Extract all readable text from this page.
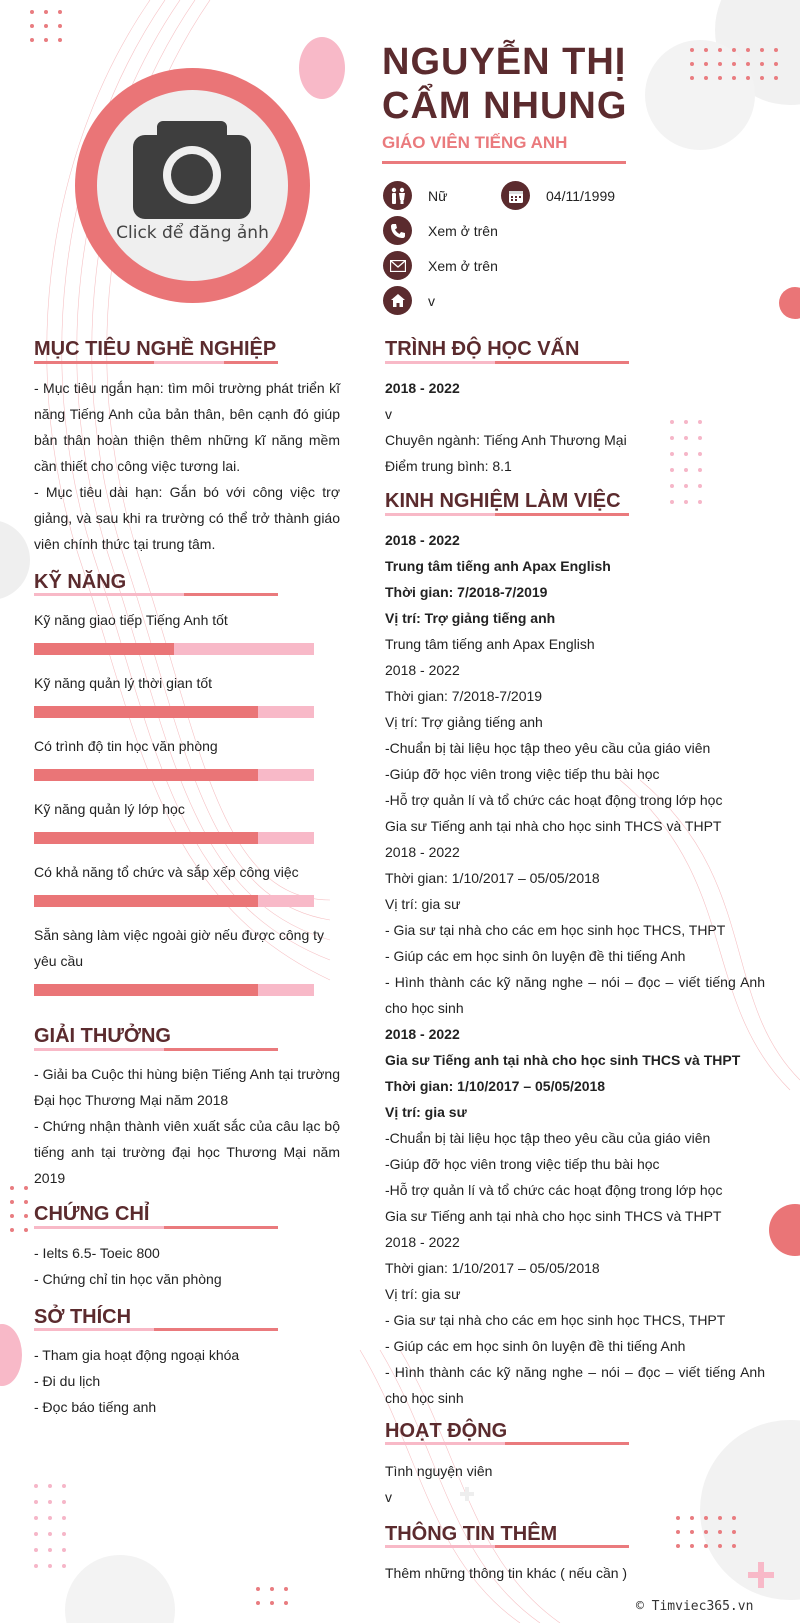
Click để đăng ảnh
NGUYỄN THỊ CẨM NHUNG
GIÁO VIÊN TIẾNG ANH
Nữ	04/11/1999
Xem ở trên
Xem ở trên
v
MỤC TIÊU NGHỀ NGHIỆP

- Mục tiêu ngắn hạn: tìm môi trường phát triển kĩ năng Tiếng Anh của bản thân, bên cạnh đó giúp bản thân hoàn thiện thêm những kĩ năng mềm cần thiết cho công việc tương lai.

- Mục tiêu dài hạn: Gắn bó với công việc trợ giảng, và sau khi ra trường có thể trở thành giáo viên chính thức tại trung tâm.

KỸ NĂNG
Kỹ năng giao tiếp Tiếng Anh tốt
Kỹ năng quản lý thời gian tốt
Có trình độ tin học văn phòng
Kỹ năng quản lý lớp học
Có khả năng tổ chức và sắp xếp công việc
Sẵn sàng làm việc ngoài giờ nếu được công ty yêu cầu
GIẢI THƯỞNG

- Giải ba Cuộc thi hùng biện Tiếng Anh tại trường Đại học Thương Mại năm 2018

- Chứng nhận thành viên xuất sắc của câu lạc bộ tiếng anh tại trường đại học Thương Mại năm 2019

CHỨNG CHỈ

- Ielts 6.5- Toeic 800

- Chứng chỉ tin học văn phòng

SỞ THÍCH

- Tham gia hoạt động ngoại khóa

- Đi du lịch

- Đọc báo tiếng anh

TRÌNH ĐỘ HỌC VẤN

2018 - 2022

v

Chuyên ngành: Tiếng Anh Thương Mại

Điểm trung bình: 8.1

KINH NGHIỆM LÀM VIỆC

2018 - 2022

Trung tâm tiếng anh Apax English

Thời gian: 7/2018-7/2019

Vị trí: Trợ giảng tiếng anh

Trung tâm tiếng anh Apax English

2018 - 2022

Thời gian: 7/2018-7/2019

Vị trí: Trợ giảng tiếng anh

-Chuẩn bị tài liệu học tập theo yêu cầu của giáo viên

-Giúp đỡ học viên trong việc tiếp thu bài học

-Hỗ trợ quản lí và tổ chức các hoạt động trong lớp học

Gia sư Tiếng anh tại nhà cho học sinh THCS và THPT

2018 - 2022

Thời gian: 1/10/2017 – 05/05/2018

Vị trí: gia sư

- Gia sư tại nhà cho các em học sinh học THCS, THPT

- Giúp các em học sinh ôn luyện đề thi tiếng Anh

- Hình thành các kỹ năng nghe – nói – đọc – viết tiếng Anh cho học sinh

2018 - 2022

Gia sư Tiếng anh tại nhà cho học sinh THCS và THPT

Thời gian: 1/10/2017 – 05/05/2018

Vị trí: gia sư

-Chuẩn bị tài liệu học tập theo yêu cầu của giáo viên

-Giúp đỡ học viên trong việc tiếp thu bài học

-Hỗ trợ quản lí và tổ chức các hoạt động trong lớp học

Gia sư Tiếng anh tại nhà cho học sinh THCS và THPT

2018 - 2022

Thời gian: 1/10/2017 – 05/05/2018

Vị trí: gia sư

- Gia sư tại nhà cho các em học sinh học THCS, THPT

- Giúp các em học sinh ôn luyện đề thi tiếng Anh

- Hình thành các kỹ năng nghe – nói – đọc – viết tiếng Anh cho học sinh

HOẠT ĐỘNG

Tình nguyện viên

v

THÔNG TIN THÊM
Thêm những thông tin khác ( nếu cần )
© Timviec365.vn
